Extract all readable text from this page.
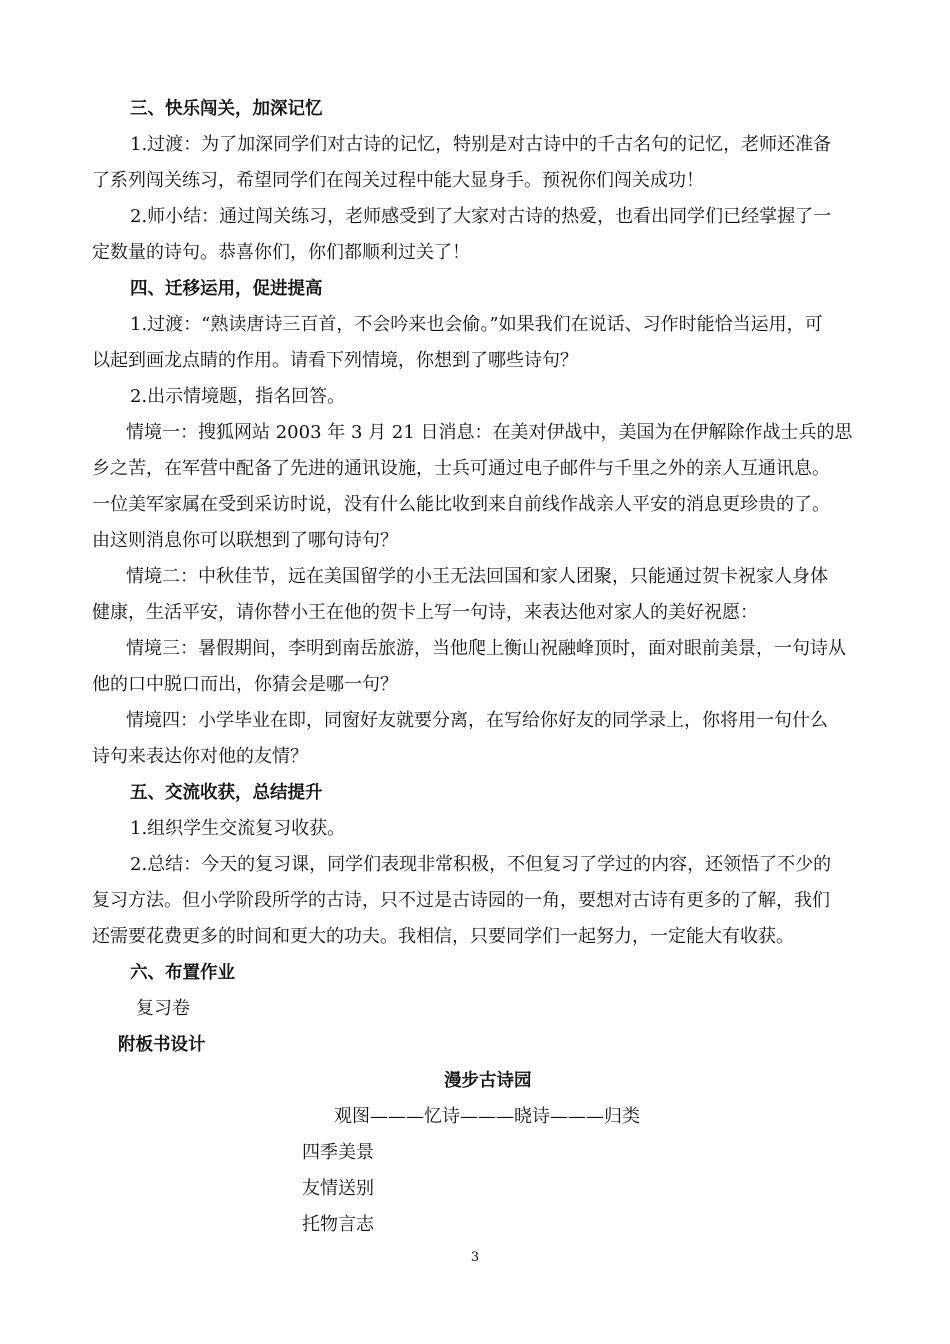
三、快乐闯关，加深记忆
1.过渡：为了加深同学们对古诗的记忆，特别是对古诗中的千古名句的记忆，老师还准备
了系列闯关练习，希望同学们在闯关过程中能大显身手。预祝你们闯关成功！
2.师小结：通过闯关练习，老师感受到了大家对古诗的热爱，也看出同学们已经掌握了一
定数量的诗句。恭喜你们，你们都顺利过关了！
四、迁移运用，促进提高
1.过渡：“熟读唐诗三百首，不会吟来也会偷。”如果我们在说话、习作时能恰当运用，可
以起到画龙点睛的作用。请看下列情境，你想到了哪些诗句？
2.出示情境题，指名回答。
情境一：搜狐网站 2003 年 3 月 21 日消息：在美对伊战中，美国为在伊解除作战士兵的思
乡之苦，在军营中配备了先进的通讯设施，士兵可通过电子邮件与千里之外的亲人互通讯息。
一位美军家属在受到采访时说，没有什么能比收到来自前线作战亲人平安的消息更珍贵的了。
由这则消息你可以联想到了哪句诗句？
情境二：中秋佳节，远在美国留学的小王无法回国和家人团聚，只能通过贺卡祝家人身体
健康，生活平安，请你替小王在他的贺卡上写一句诗，来表达他对家人的美好祝愿：
情境三：暑假期间，李明到南岳旅游，当他爬上衡山祝融峰顶时，面对眼前美景，一句诗从
他的口中脱口而出，你猜会是哪一句？
情境四：小学毕业在即，同窗好友就要分离，在写给你好友的同学录上，你将用一句什么
诗句来表达你对他的友情？
五、交流收获，总结提升
1.组织学生交流复习收获。
2.总结：今天的复习课，同学们表现非常积极，不但复习了学过的内容，还领悟了不少的
复习方法。但小学阶段所学的古诗，只不过是古诗园的一角，要想对古诗有更多的了解，我们
还需要花费更多的时间和更大的功夫。我相信，只要同学们一起努力，一定能大有收获。
六、布置作业
复习卷
附板书设计
漫步古诗园
观图———忆诗———晓诗———归类
四季美景
友情送别
托物言志
3
